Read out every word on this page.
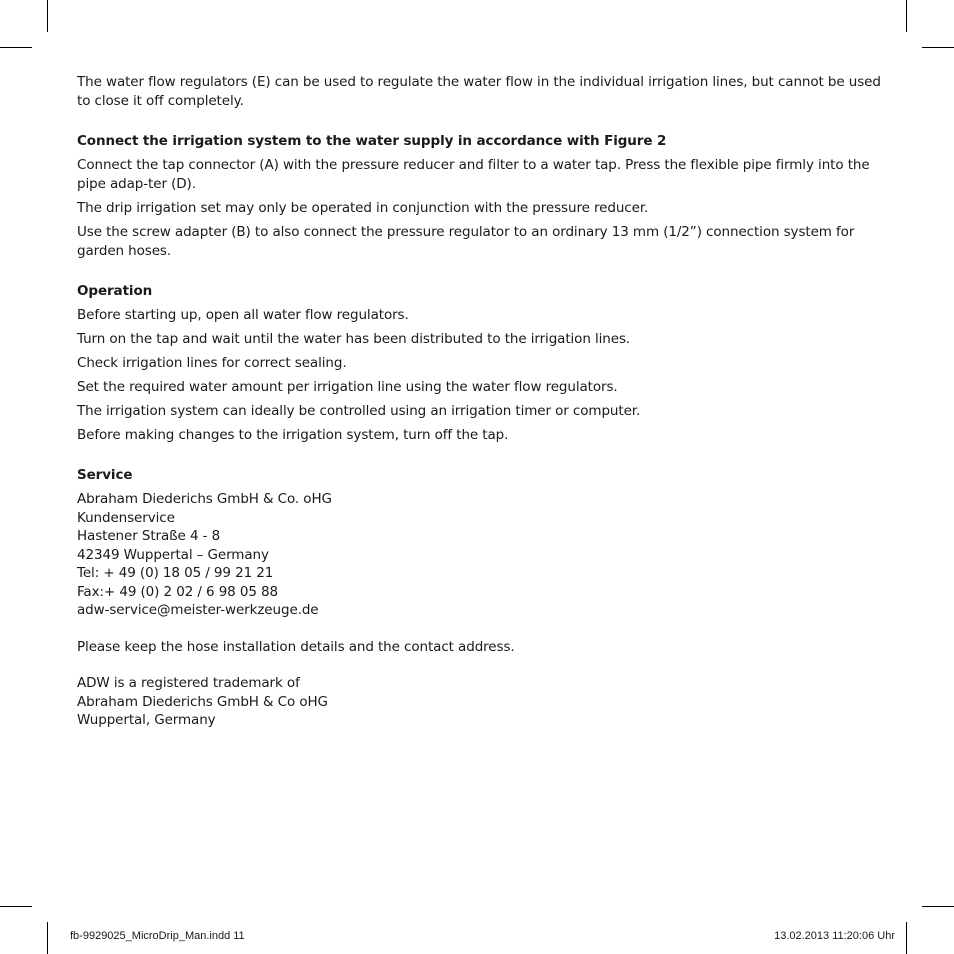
The water flow regulators (E) can be used to regulate the water flow in the individual irrigation lines, but cannot be used to close it off completely.

Connect the irrigation system to the water supply in accordance with Figure 2

Connect the tap connector (A) with the pressure reducer and filter to a water tap. Press the flexible pipe firmly into the pipe adap-ter (D).

The drip irrigation set may only be operated in conjunction with the pressure reducer.

Use the screw adapter (B) to also connect the pressure regulator to an ordinary 13 mm (1/2”) connection system for garden hoses.

Operation

Before starting up, open all water flow regulators.

Turn on the tap and wait until the water has been distributed to the irrigation lines.

Check irrigation lines for correct sealing.

Set the required water amount per irrigation line using the water flow regulators.

The irrigation system can ideally be controlled using an irrigation timer or computer.

Before making changes to the irrigation system, turn off the tap.

Service

Abraham Diederichs GmbH & Co. oHG

Kundenservice

Hastener Straße 4 - 8

42349 Wuppertal – Germany

Tel: + 49 (0) 18 05 / 99 21 21

Fax:+ 49 (0) 2 02 / 6 98 05 88

adw-service@meister-werkzeuge.de

Please keep the hose installation details and the contact address.

ADW is a registered trademark of

Abraham Diederichs GmbH & Co oHG

Wuppertal, Germany

fb-9929025_MicroDrip_Man.indd 11	13.02.2013 11:20:06 Uhr
